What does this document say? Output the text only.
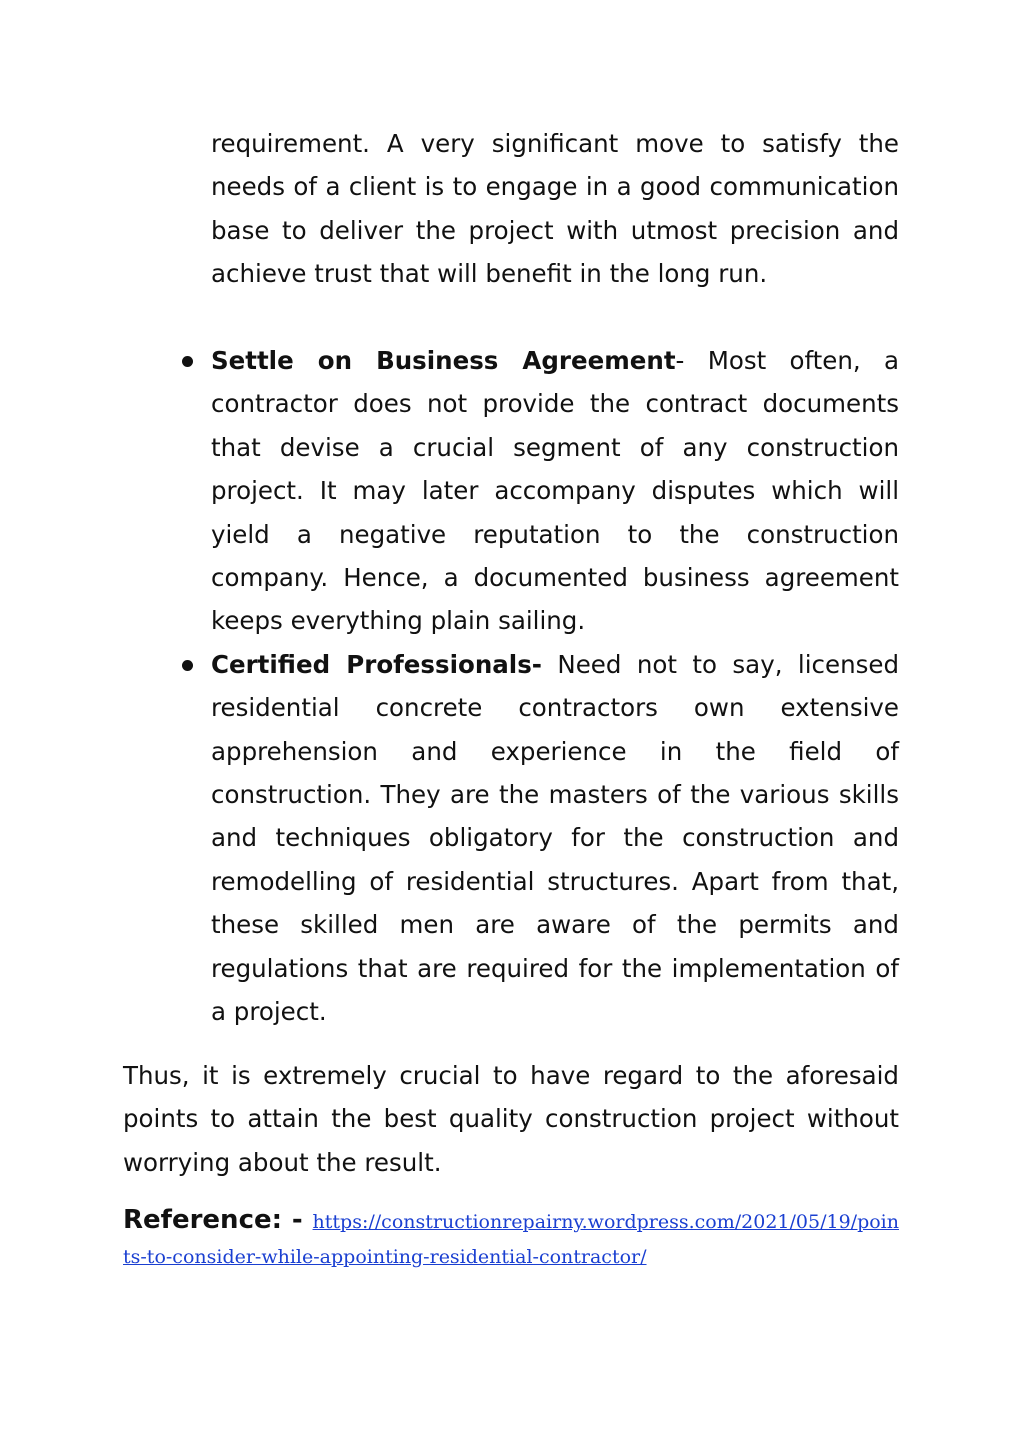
requirement. A very significant move to satisfy the needs of a client is to engage in a good communication base to deliver the project with utmost precision and achieve trust that will benefit in the long run.

Settle on Business Agreement- Most often, a contractor does not provide the contract documents that devise a crucial segment of any construction project. It may later accompany disputes which will yield a negative reputation to the construction company. Hence, a documented business agreement keeps everything plain sailing.
Certified Professionals- Need not to say, licensed residential concrete contractors own extensive apprehension and experience in the field of construction. They are the masters of the various skills and techniques obligatory for the construction and remodelling of residential structures. Apart from that, these skilled men are aware of the permits and regulations that are required for the implementation of a project.

Thus, it is extremely crucial to have regard to the aforesaid points to attain the best quality construction project without worrying about the result.

Reference: - https://constructionrepairny.wordpress.com/2021/05/19/points-to-consider-while-appointing-residential-contractor/
